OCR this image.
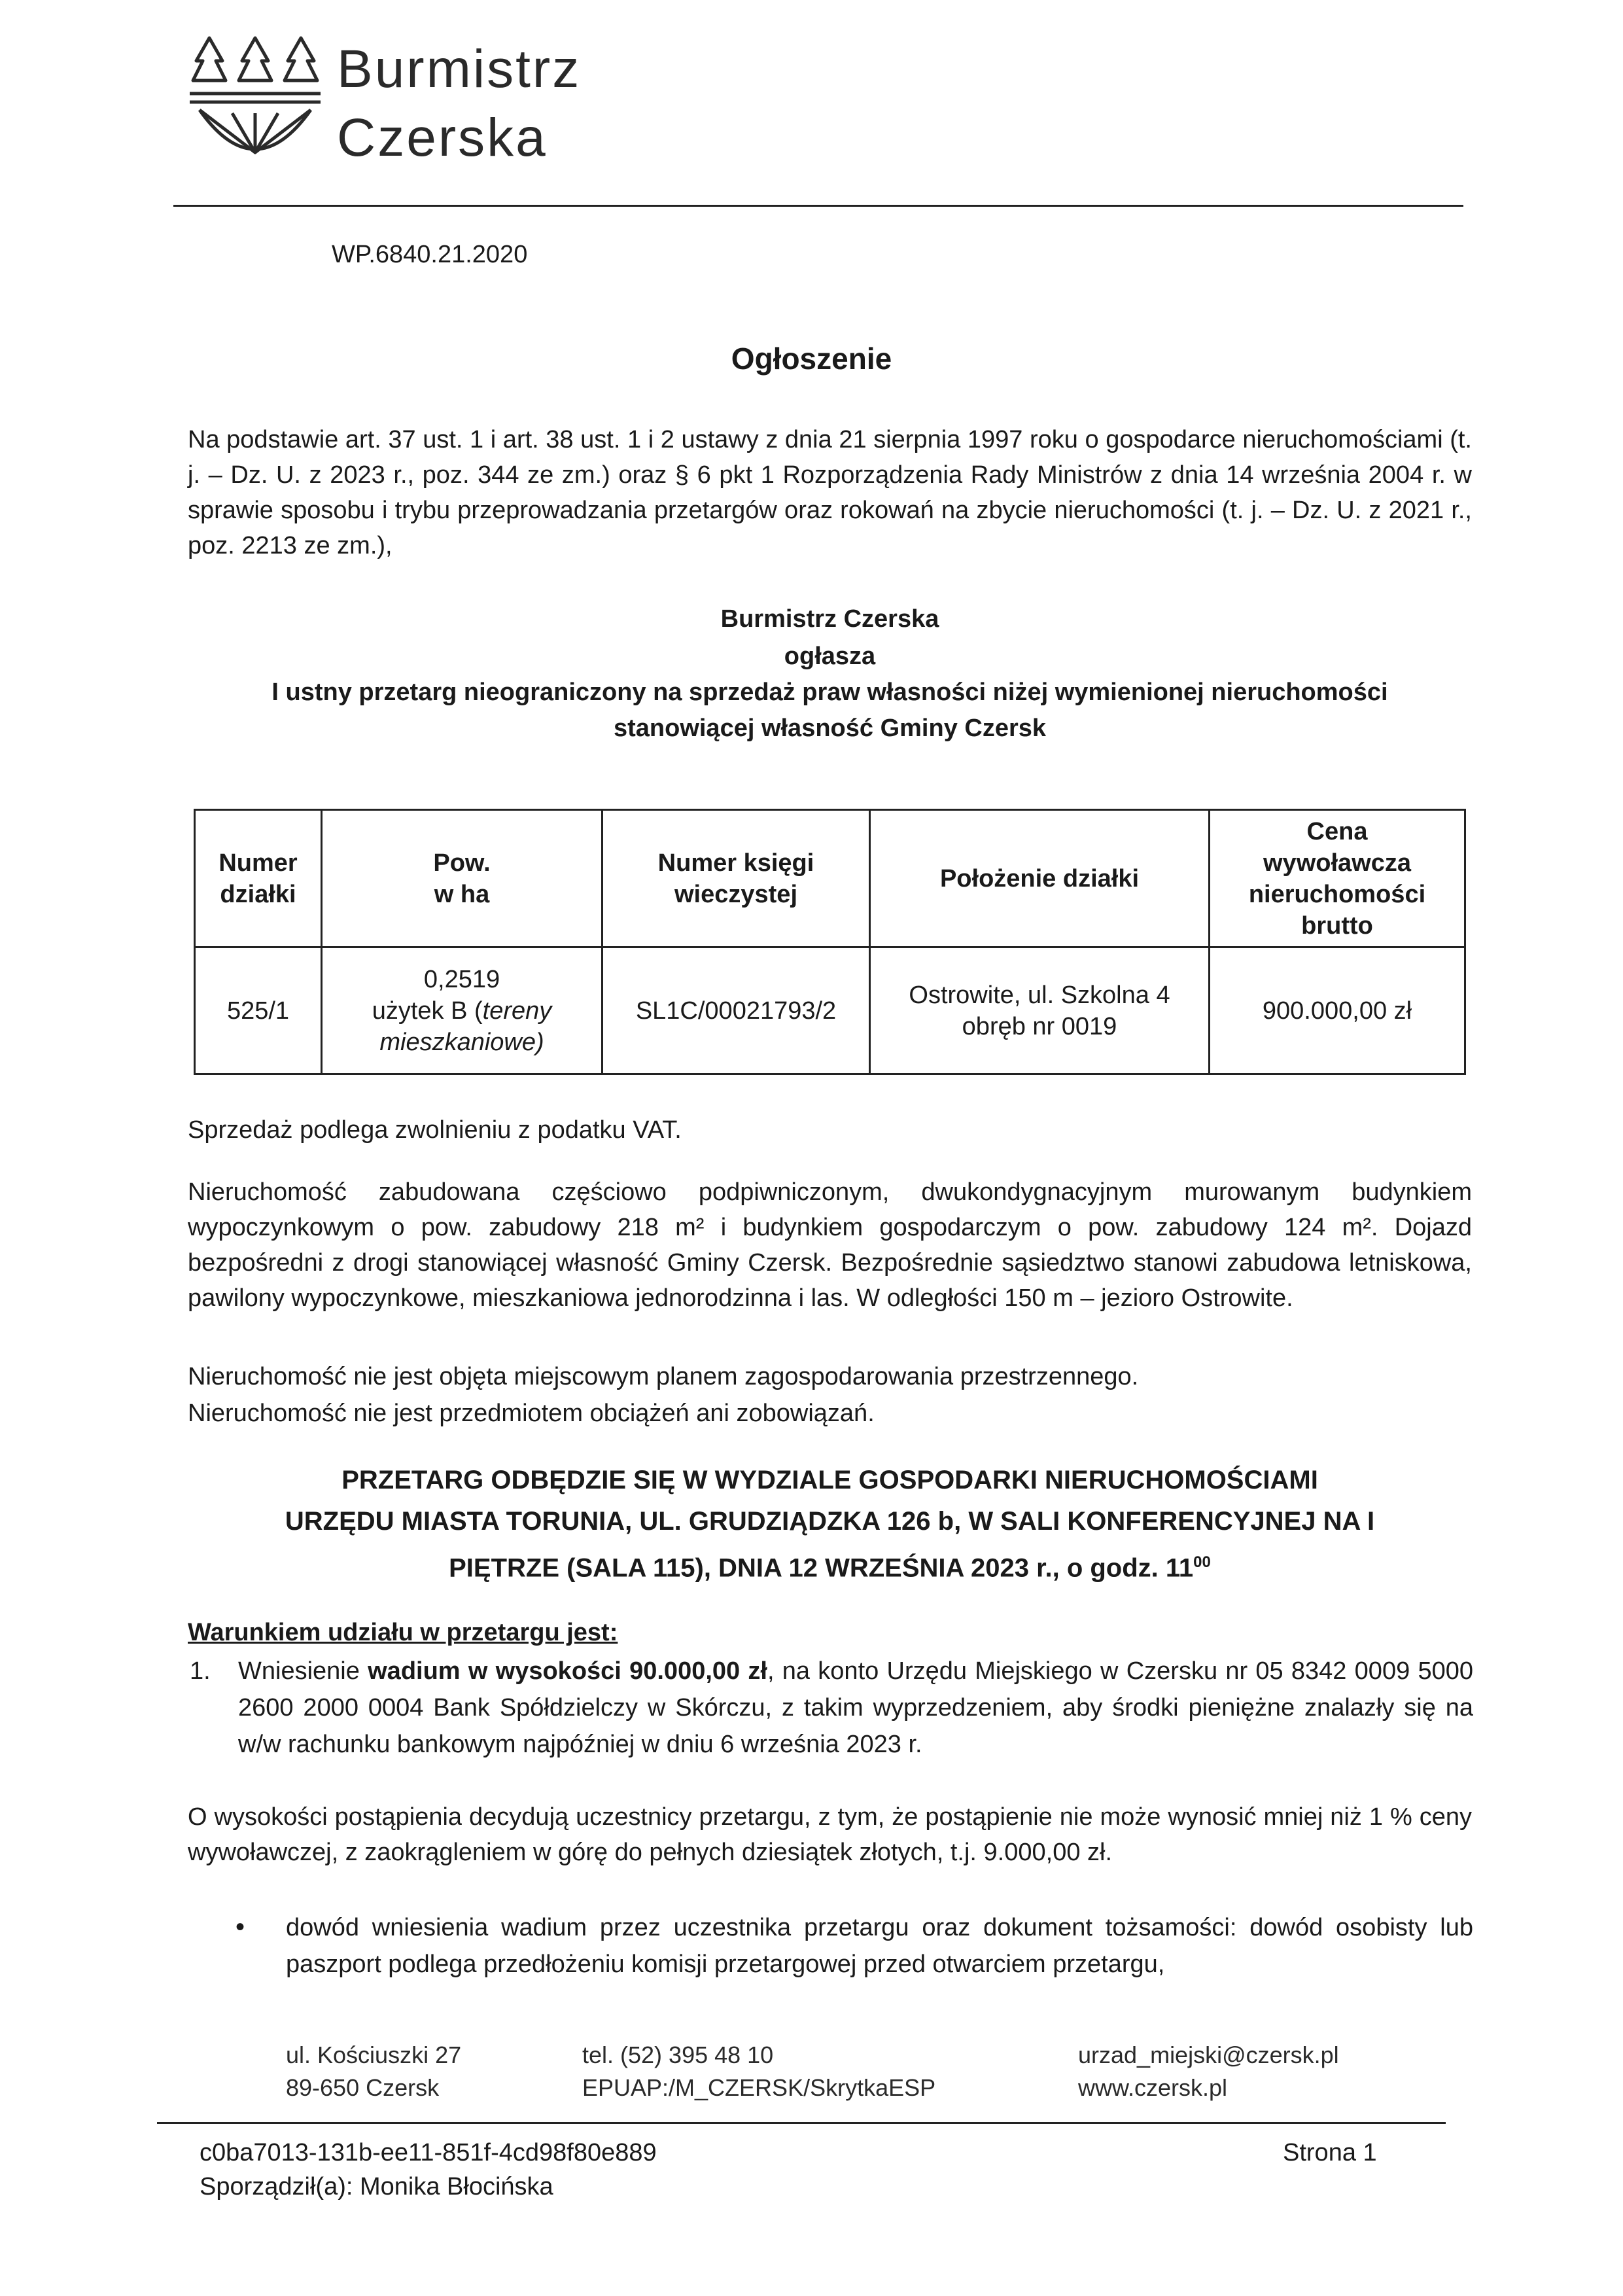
Burmistrz
Czerska
WP.6840.21.2020
Ogłoszenie
Na podstawie art. 37 ust. 1 i art. 38 ust. 1 i 2 ustawy z dnia 21 sierpnia 1997 roku o gospodarce nieruchomościami (t. j. – Dz. U. z 2023 r., poz. 344 ze zm.) oraz § 6 pkt 1 Rozporządzenia Rady Ministrów z dnia 14 września 2004 r. w sprawie sposobu i trybu przeprowadzania przetargów oraz rokowań na zbycie nieruchomości (t. j. – Dz. U. z 2021 r., poz. 2213 ze zm.),
Burmistrz Czerska
ogłasza
I ustny przetarg nieograniczony na sprzedaż praw własności niżej wymienionej nieruchomości
stanowiącej własność Gminy Czersk
Numer
działki	Pow.
w ha	Numer księgi
wieczystej	Położenie działki	Cena
wywoławcza
nieruchomości
brutto
525/1	0,2519
użytek B (tereny
mieszkaniowe)	SL1C/00021793/2	Ostrowite, ul. Szkolna 4
obręb nr 0019	900.000,00 zł
Sprzedaż podlega zwolnieniu z podatku VAT.
Nieruchomość zabudowana częściowo podpiwniczonym, dwukondygnacyjnym murowanym budynkiem wypoczynkowym o pow. zabudowy 218 m² i budynkiem gospodarczym o pow. zabudowy 124 m². Dojazd bezpośredni z drogi stanowiącej własność Gminy Czersk. Bezpośrednie sąsiedztwo stanowi zabudowa letniskowa, pawilony wypoczynkowe, mieszkaniowa jednorodzinna i las. W odległości 150 m – jezioro Ostrowite.
Nieruchomość nie jest objęta miejscowym planem zagospodarowania przestrzennego.
Nieruchomość nie jest przedmiotem obciążeń ani zobowiązań.
PRZETARG ODBĘDZIE SIĘ W WYDZIALE GOSPODARKI NIERUCHOMOŚCIAMI
URZĘDU MIASTA TORUNIA, UL. GRUDZIĄDZKA 126 b, W SALI KONFERENCYJNEJ NA I
PIĘTRZE (SALA 115), DNIA 12 WRZEŚNIA 2023 r., o godz. $11^{00}$
Warunkiem udziału w przetargu jest:
1. Wniesienie wadium w wysokości 90.000,00 zł, na konto Urzędu Miejskiego w Czersku nr 05 8342 0009 5000 2600 2000 0004 Bank Spółdzielczy w Skórczu, z takim wyprzedzeniem, aby środki pieniężne znalazły się na w/w rachunku bankowym najpóźniej w dniu 6 września 2023 r.
O wysokości postąpienia decydują uczestnicy przetargu, z tym, że postąpienie nie może wynosić mniej niż 1 % ceny wywoławczej, z zaokrągleniem w górę do pełnych dziesiątek złotych, t.j. 9.000,00 zł.
• dowód wniesienia wadium przez uczestnika przetargu oraz dokument tożsamości: dowód osobisty lub paszport podlega przedłożeniu komisji przetargowej przed otwarciem przetargu,
ul. Kościuszki 27
89-650 Czersk
tel. (52) 395 48 10
EPUAP:/M_CZERSK/SkrytkaESP
urzad_miejski@czersk.pl
www.czersk.pl
c0ba7013-131b-ee11-851f-4cd98f80e889
Sporządził(a): Monika Błocińska
Strona 1
